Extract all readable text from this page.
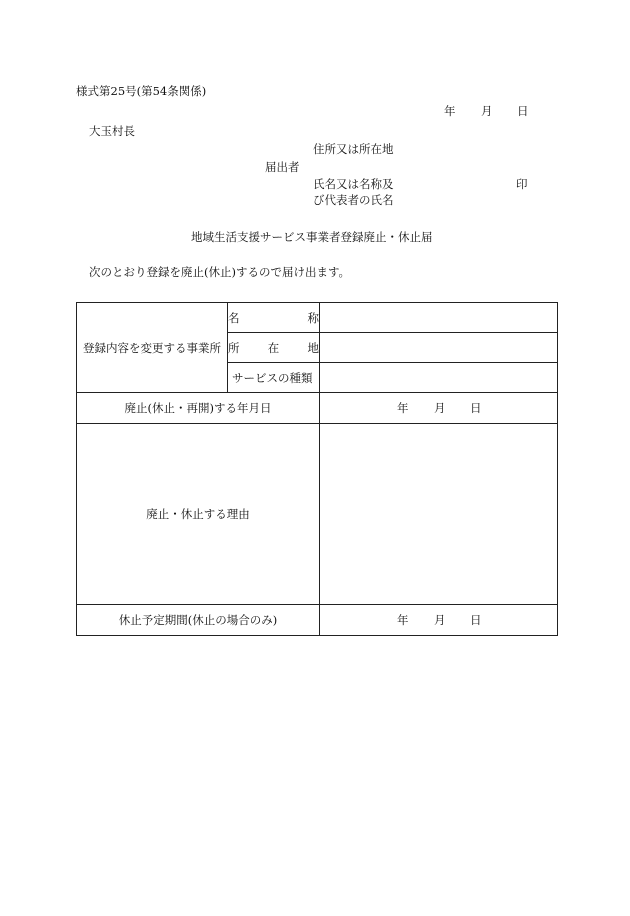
様式第25号(第54条関係)
年 月 日
大玉村長
住所又は所在地
届出者
氏名又は名称及	印
び代表者の氏名
地域生活支援サービス事業者登録廃止・休止届
次のとおり登録を廃止(休止)するので届け出ます。
登録内容を変更する事業所	名 称	

	所 在 地	

	サービスの種類	
廃止(休止・再開)する年月日		年 月 日

廃止・休止する理由		
休止予定期間(休止の場合のみ)		年 月 日
